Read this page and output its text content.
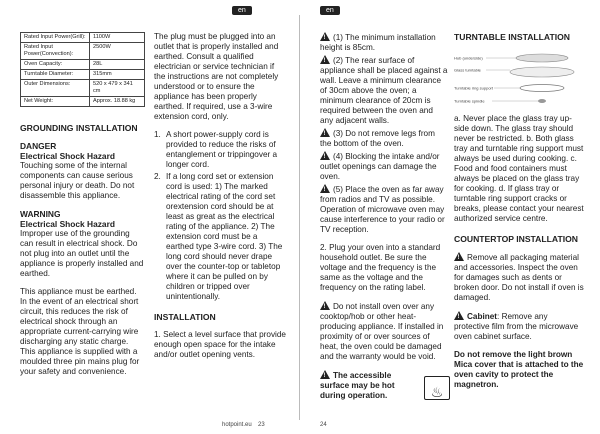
en
Rated Input Power(Grill):	1100W
Rated Input Power(Convection):	2500W
Oven Capacity:	28L
Turntable Diameter:	315mm
Outer Dimensions:	520 x 479 x 341 cm
Net Weight:	Approx. 18.88 kg
GROUNDING INSTALLATION
DANGER
Electrical Shock Hazard

Touching some of the internal components can cause serious personal injury or death. Do not disassemble this appliance.

WARNING
Electrical Shock Hazard

Improper use of the grounding can result in electrical shock. Do not plug into an outlet until the appliance is properly installed and earthed.

This appliance must be earthed. In the event of an electrical short circuit, this reduces the risk of electrical shock through an appropriate current-carrying wire discharging any static charge. This appliance is supplied with a moulded three pin mains plug for your safety and convenience.

The plug must be plugged into an outlet that is properly installed and earthed. Consult a qualified electrician or service technician if the instructions are not completely understood or to ensure the appliance has been properly earthed. If required, use a 3-wire extension cord, only.

1. A short power-supply cord is provided to reduce the risks of entanglement or trippingover a longer cord.
2. If a long cord set or extension cord is used: 1) The marked electrical rating of the cord set orextension cord should be at least as great as the electrical rating of the appliance. 2) The extension cord must be a earthed type 3-wire cord. 3) The long cord should never drape over the counter-top or tabletop where it can be pulled on by children or tripped over unintentionally.
INSTALLATION

1. Select a level surface that provide enough open space for the intake and/or outlet opening vents.

hotpoint.eu 23
en

!(1) The minimum installation height is 85cm.

!(2) The rear surface of appliance shall be placed against a wall. Leave a minimum clearance of 30cm above the oven; a minimum clearance of 20cm is required between the oven and any adjacent walls.

!(3) Do not remove legs from the bottom of the oven.

!(4) Blocking the intake and/or outlet openings can damage the oven.

!(5) Place the oven as far away from radios and TV as possible. Operation of microwave oven may cause interference to your radio or TV reception.

2. Plug your oven into a standard household outlet. Be sure the voltage and the frequency is the same as the voltage and the frequency on the rating label.

!Do not install oven over any cooktop/hob or other heat-producing appliance. If installed in proximity of or over sources of heat, the oven could be damaged and the warranty would be void.

!The accessible surface may be hot during operation.	♨
TURNTABLE INSTALLATION
Hub (underside)
Glass turntable
Turntable ring support
Turntable spindle

a. Never place the glass tray up-side down. The glass tray should never be restricted. b. Both glass tray and turntable ring support must always be used during cooking. c. Food and food containers must always be placed on the glass tray for cooking. d. If glass tray or turntable ring support cracks or breaks, please contact your nearest authorized service centre.

COUNTERTOP INSTALLATION

!Remove all packaging material and accessories. Inspect the oven for damages such as dents or broken door. Do not install if oven is damaged.

!Cabinet: Remove any protective film from the microwave oven cabinet surface.

Do not remove the light brown Mica cover that is attached to the oven cavity to protect the magnetron.

24
